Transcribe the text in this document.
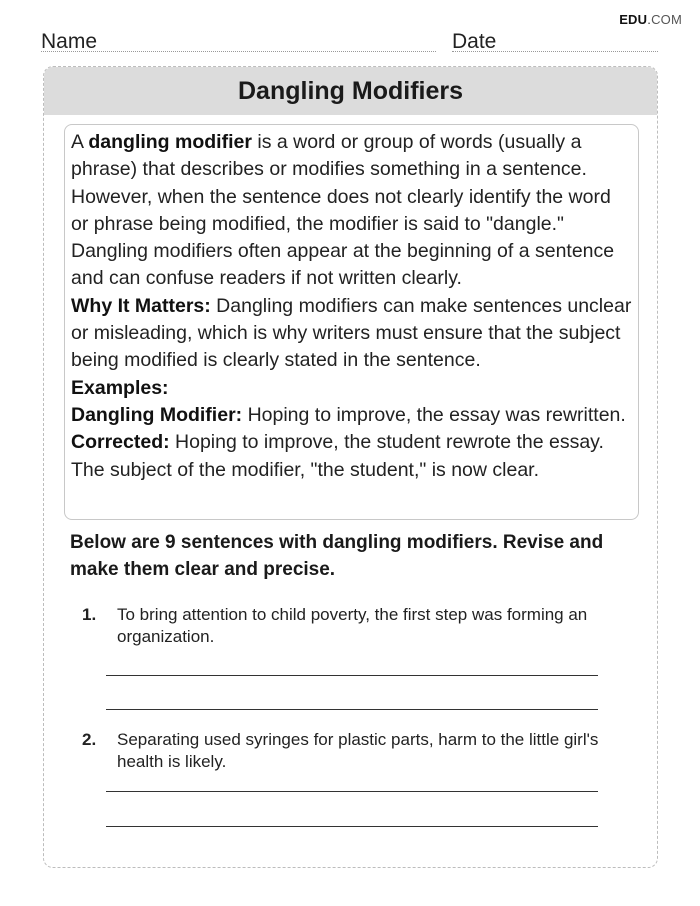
EDU.COM
Name	Date
Dangling Modifiers

A dangling modifier is a word or group of words (usually a phrase) that describes or modifies something in a sentence. However, when the sentence does not clearly identify the word or phrase being modified, the modifier is said to "dangle." Dangling modifiers often appear at the beginning of a sentence and can confuse readers if not written clearly.

Why It Matters: Dangling modifiers can make sentences unclear or misleading, which is why writers must ensure that the subject being modified is clearly stated in the sentence.

Examples:

Dangling Modifier: Hoping to improve, the essay was rewritten.

Corrected: Hoping to improve, the student rewrote the essay. The subject of the modifier, "the student," is now clear.

Below are 9 sentences with dangling modifiers. Revise and make them clear and precise.
1. To bring attention to child poverty, the first step was forming an organization.
2. Separating used syringes for plastic parts, harm to the little girl's health is likely.
